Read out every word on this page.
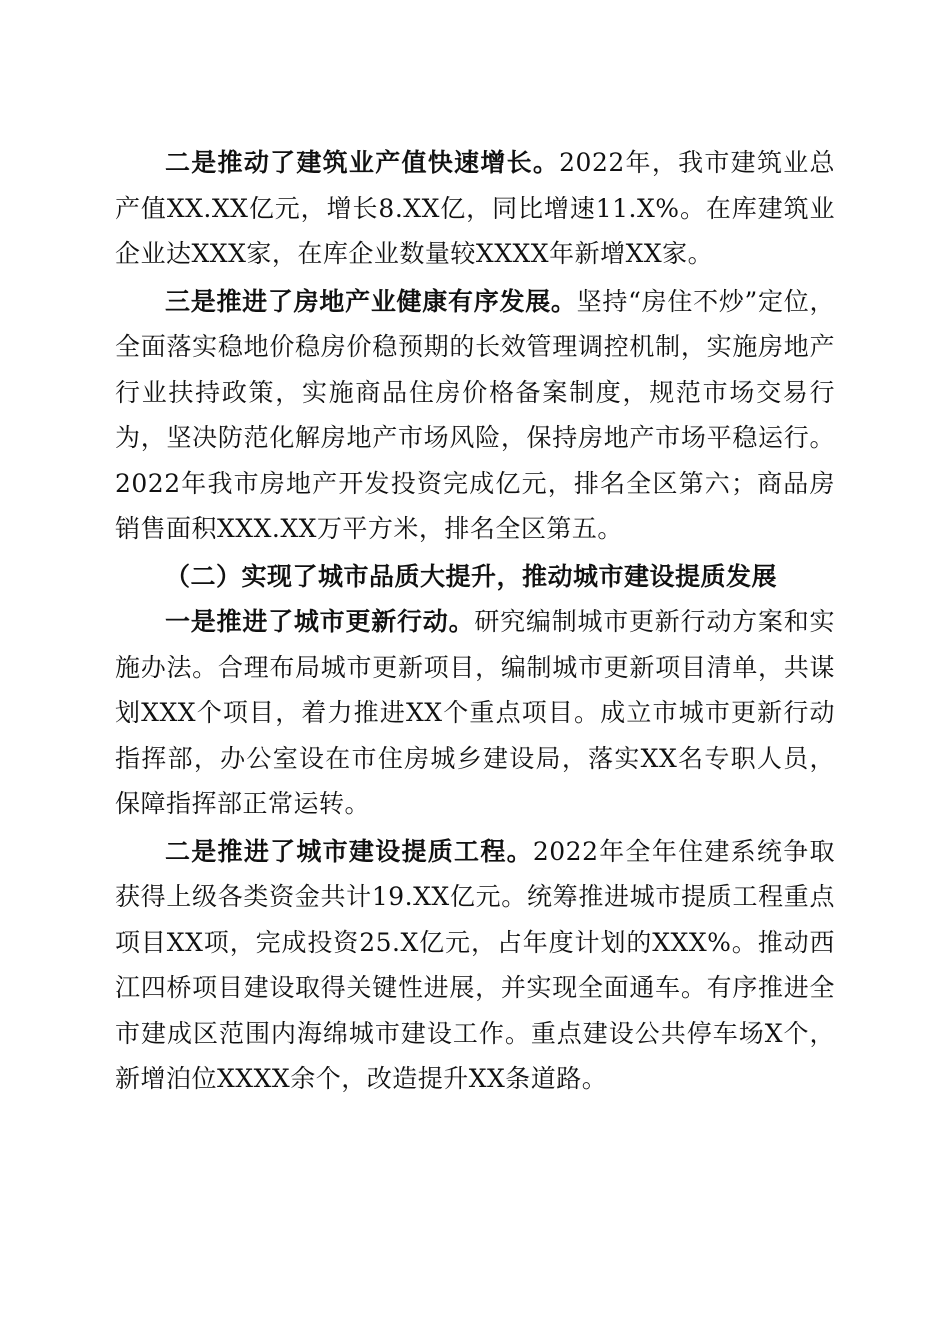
二是推动了建筑业产值快速增长。2022年，我市建筑业总产值XX.XX亿元，增长8.XX亿，同比增速11.X%。在库建筑业企业达XXX家，在库企业数量较XXXX年新增XX家。

三是推进了房地产业健康有序发展。坚持“房住不炒”定位，全面落实稳地价稳房价稳预期的长效管理调控机制，实施房地产行业扶持政策，实施商品住房价格备案制度，规范市场交易行为，坚决防范化解房地产市场风险，保持房地产市场平稳运行。2022年我市房地产开发投资完成亿元，排名全区第六；商品房销售面积XXX.XX万平方米，排名全区第五。

（二）实现了城市品质大提升，推动城市建设提质发展

一是推进了城市更新行动。研究编制城市更新行动方案和实施办法。合理布局城市更新项目，编制城市更新项目清单，共谋划XXX个项目，着力推进XX个重点项目。成立市城市更新行动指挥部，办公室设在市住房城乡建设局，落实XX名专职人员，保障指挥部正常运转。

二是推进了城市建设提质工程。2022年全年住建系统争取获得上级各类资金共计19.XX亿元。统筹推进城市提质工程重点项目XX项，完成投资25.X亿元，占年度计划的XXX%。推动西江四桥项目建设取得关键性进展，并实现全面通车。有序推进全市建成区范围内海绵城市建设工作。重点建设公共停车场X个，新增泊位XXXX余个，改造提升XX条道路。
